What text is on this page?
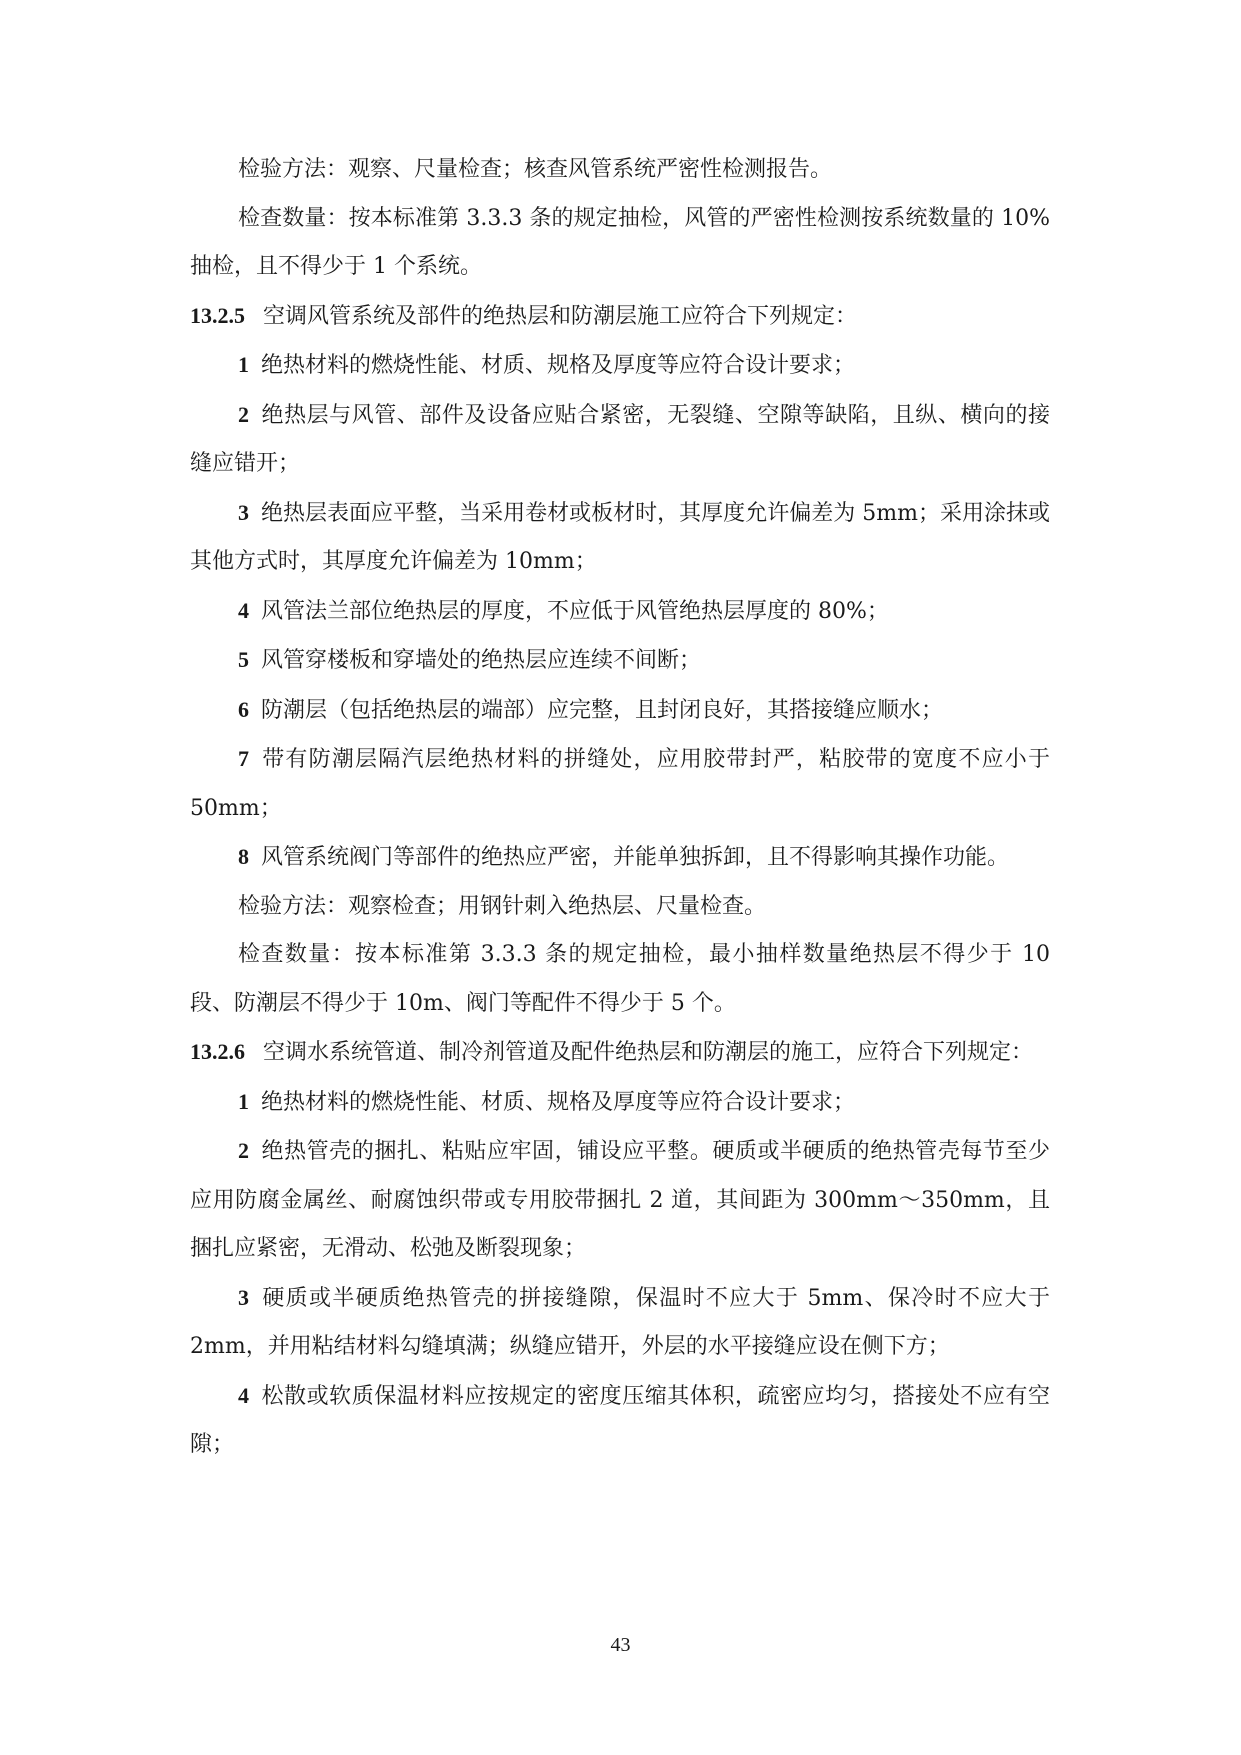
检验方法：观察、尺量检查；核查风管系统严密性检测报告。

检查数量：按本标准第 3.3.3 条的规定抽检，风管的严密性检测按系统数量的 10%抽检，且不得少于 1 个系统。

13.2.5 空调风管系统及部件的绝热层和防潮层施工应符合下列规定：

1 绝热材料的燃烧性能、材质、规格及厚度等应符合设计要求；

2 绝热层与风管、部件及设备应贴合紧密，无裂缝、空隙等缺陷，且纵、横向的接缝应错开；

3 绝热层表面应平整，当采用卷材或板材时，其厚度允许偏差为 5mm；采用涂抹或其他方式时，其厚度允许偏差为 10mm；

4 风管法兰部位绝热层的厚度，不应低于风管绝热层厚度的 80%；

5 风管穿楼板和穿墙处的绝热层应连续不间断；

6 防潮层（包括绝热层的端部）应完整，且封闭良好，其搭接缝应顺水；

7 带有防潮层隔汽层绝热材料的拼缝处，应用胶带封严，粘胶带的宽度不应小于 50mm；

8 风管系统阀门等部件的绝热应严密，并能单独拆卸，且不得影响其操作功能。

检验方法：观察检查；用钢针刺入绝热层、尺量检查。

检查数量：按本标准第 3.3.3 条的规定抽检，最小抽样数量绝热层不得少于 10 段、防潮层不得少于 10m、阀门等配件不得少于 5 个。

13.2.6 空调水系统管道、制冷剂管道及配件绝热层和防潮层的施工，应符合下列规定：

1 绝热材料的燃烧性能、材质、规格及厚度等应符合设计要求；

2 绝热管壳的捆扎、粘贴应牢固，铺设应平整。硬质或半硬质的绝热管壳每节至少应用防腐金属丝、耐腐蚀织带或专用胶带捆扎 2 道，其间距为 300mm～350mm，且捆扎应紧密，无滑动、松弛及断裂现象；

3 硬质或半硬质绝热管壳的拼接缝隙，保温时不应大于 5mm、保冷时不应大于 2mm，并用粘结材料勾缝填满；纵缝应错开，外层的水平接缝应设在侧下方；

4 松散或软质保温材料应按规定的密度压缩其体积，疏密应均匀，搭接处不应有空隙；

43
